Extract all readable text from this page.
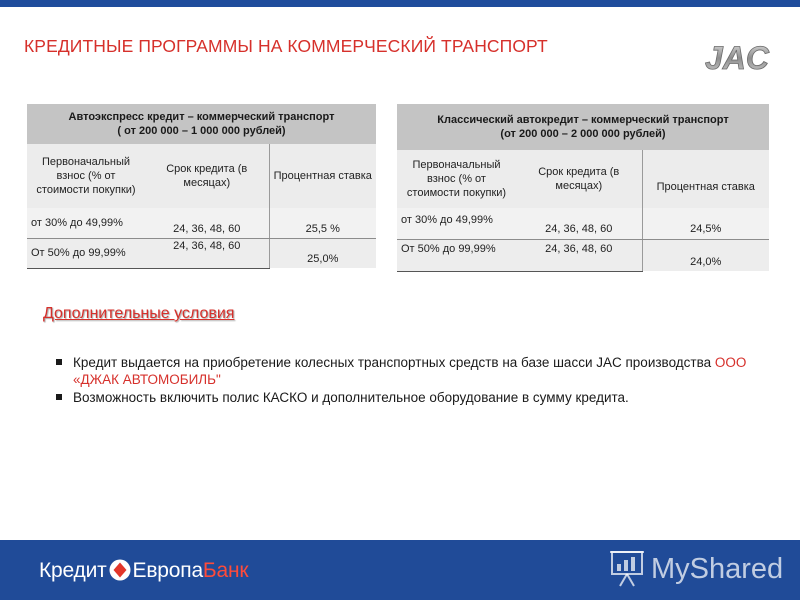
КРЕДИТНЫЕ ПРОГРАММЫ НА КОММЕРЧЕСКИЙ ТРАНСПОРТ	JAC
Автоэкспресс кредит – коммерческий транспорт
( от 200 000 – 1 000 000 рублей)		

Первоначальный взнос (% от стоимости покупки)	Срок кредита (в месяцах)	Процентная ставка
от 30% до 49,99%	24, 36, 48, 60	25,5 %
От 50% до 99,99%	24, 36, 48, 60	25,0%
Классический автокредит – коммерческий транспорт
(от 200 000 – 2 000 000 рублей)		

Первоначальный взнос (% от стоимости покупки)	Срок кредита (в месяцах)	Процентная ставка
от 30% до 49,99%	24, 36, 48, 60	24,5%
От 50% до 99,99%	24, 36, 48, 60	24,0%
Дополнительные условия
Кредит выдается на приобретение колесных транспортных средств на базе шасси JAC производства ООО «ДЖАК АВТОМОБИЛЬ"
Возможность включить полис КАСКО и дополнительное оборудование в сумму кредита.
Кредит ЕвропаБанк	MyShared
